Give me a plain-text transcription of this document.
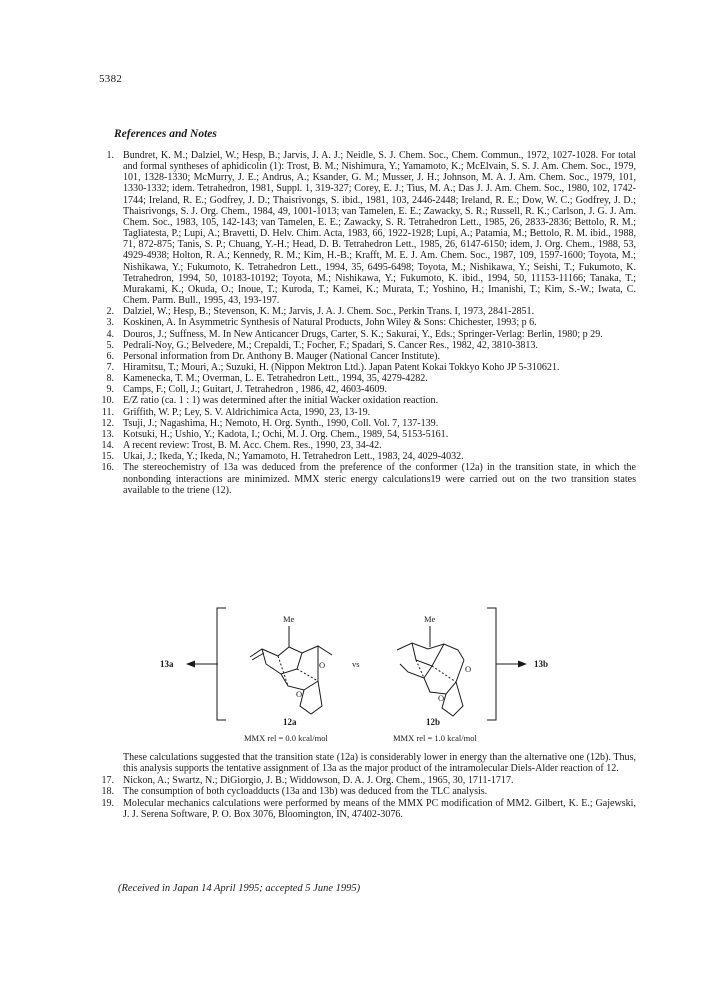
5382
References and Notes
1. Bundret, K. M.; Dalziel, W.; Hesp, B.; Jarvis, J. A. J.; Neidle, S. J. Chem. Soc., Chem. Commun., 1972, 1027-1028. For total and formal syntheses of aphidicolin (1): Trost, B. M.; Nishimura, Y.; Yamamoto, K.; McElvain, S. S. J. Am. Chem. Soc., 1979, 101, 1328-1330; McMurry, J. E.; Andrus, A.; Ksander, G. M.; Musser, J. H.; Johnson, M. A. J. Am. Chem. Soc., 1979, 101, 1330-1332; idem. Tetrahedron, 1981, Suppl. 1, 319-327; Corey, E. J.; Tius, M. A.; Das J. J. Am. Chem. Soc., 1980, 102, 1742-1744; Ireland, R. E.; Godfrey, J. D.; Thaisrivongs, S. ibid., 1981, 103, 2446-2448; Ireland, R. E.; Dow, W. C.; Godfrey, J. D.; Thaisrivongs, S. J. Org. Chem., 1984, 49, 1001-1013; van Tamelen, E. E.; Zawacky, S. R.; Russell, R. K.; Carlson, J. G. J. Am. Chem. Soc., 1983, 105, 142-143; van Tamelen, E. E.; Zawacky, S. R. Tetrahedron Lett., 1985, 26, 2833-2836; Bettolo, R. M.; Tagliatesta, P.; Lupi, A.; Bravetti, D. Helv. Chim. Acta, 1983, 66, 1922-1928; Lupi, A.; Patamia, M.; Bettolo, R. M. ibid., 1988, 71, 872-875; Tanis, S. P.; Chuang, Y.-H.; Head, D. B. Tetrahedron Lett., 1985, 26, 6147-6150; idem, J. Org. Chem., 1988, 53, 4929-4938; Holton, R. A.; Kennedy, R. M.; Kim, H.-B.; Krafft, M. E. J. Am. Chem. Soc., 1987, 109, 1597-1600; Toyota, M.; Nishikawa, Y.; Fukumoto, K. Tetrahedron Lett., 1994, 35, 6495-6498; Toyota, M.; Nishikawa, Y.; Seishi, T.; Fukumoto, K. Tetrahedron, 1994, 50, 10183-10192; Toyota, M.; Nishikawa, Y.; Fukumoto, K. ibid., 1994, 50, 11153-11166; Tanaka, T.; Murakami, K.; Okuda, O.; Inoue, T.; Kuroda, T.; Kamei, K.; Murata, T.; Yoshino, H.; Imanishi, T.; Kim, S.-W.; Iwata, C. Chem. Parm. Bull., 1995, 43, 193-197.
2. Dalziel, W.; Hesp, B.; Stevenson, K. M.; Jarvis, J. A. J. Chem. Soc., Perkin Trans. I, 1973, 2841-2851.
3. Koskinen, A. In Asymmetric Synthesis of Natural Products, John Wiley & Sons: Chichester, 1993; p 6.
4. Douros, J.; Suffness, M. In New Anticancer Drugs, Carter, S. K.; Sakurai, Y., Eds.; Springer-Verlag: Berlin, 1980; p 29.
5. Pedrali-Noy, G.; Belvedere, M.; Crepaldi, T.; Focher, F.; Spadari, S. Cancer Res., 1982, 42, 3810-3813.
6. Personal information from Dr. Anthony B. Mauger (National Cancer Institute).
7. Hiramitsu, T.; Mouri, A.; Suzuki, H. (Nippon Mektron Ltd.). Japan Patent Kokai Tokkyo Koho JP 5-310621.
8. Kamenecka, T. M.; Overman, L. E. Tetrahedron Lett., 1994, 35, 4279-4282.
9. Camps, F.; Coll, J.; Guitart, J. Tetrahedron , 1986, 42, 4603-4609.
10. E/Z ratio (ca. 1 : 1) was determined after the initial Wacker oxidation reaction.
11. Griffith, W. P.; Ley, S. V. Aldrichimica Acta, 1990, 23, 13-19.
12. Tsuji, J.; Nagashima, H.; Nemoto, H. Org. Synth., 1990, Coll. Vol. 7, 137-139.
13. Kotsuki, H.; Ushio, Y.; Kadota, I.; Ochi, M. J. Org. Chem., 1989, 54, 5153-5161.
14. A recent review: Trost, B. M. Acc. Chem. Res., 1990, 23, 34-42.
15. Ukai, J.; Ikeda, Y.; Ikeda, N.; Yamamoto, H. Tetrahedron Lett., 1983, 24, 4029-4032.
16. The stereochemistry of 13a was deduced from the preference of the conformer (12a) in the transition state, in which the nonbonding interactions are minimized. MMX steric energy calculations19 were carried out on the two transition states available to the triene (12).
Me
O
O
Me
O
O
13a	13b
vs
12a	12b
MMX rel = 0.0 kcal/mol	MMX rel = 1.0 kcal/mol

These calculations suggested that the transition state (12a) is considerably lower in energy than the alternative one (12b). Thus, this analysis supports the tentative assignment of 13a as the major product of the intramolecular Diels-Alder reaction of 12.

17. Nickon, A.; Swartz, N.; DiGiorgio, J. B.; Widdowson, D. A. J. Org. Chem., 1965, 30, 1711-1717.
18. The consumption of both cycloadducts (13a and 13b) was deduced from the TLC analysis.
19. Molecular mechanics calculations were performed by means of the MMX PC modification of MM2. Gilbert, K. E.; Gajewski, J. J. Serena Software, P. O. Box 3076, Bloomington, IN, 47402-3076.
(Received in Japan 14 April 1995; accepted 5 June 1995)
